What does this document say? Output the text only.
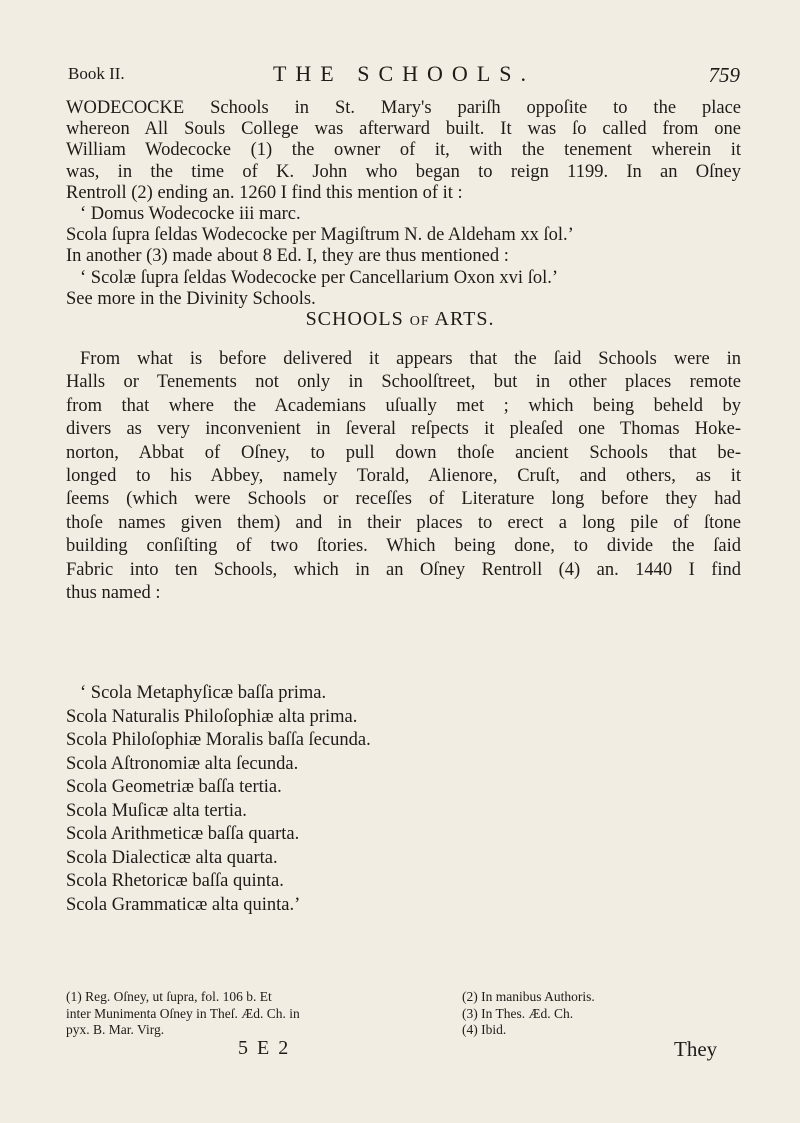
Book II.	THE SCHOOLS.	759
WODECOCKE Schools in St. Mary's pariſh oppoſite to the place
whereon All Souls College was afterward built. It was ſo called from one
William Wodecocke (1) the owner of it, with the tenement wherein it
was, in the time of K. John who began to reign 1199. In an Oſney
Rentroll (2) ending an. 1260 I find this mention of it :
‘ Domus Wodecocke iii marc.
Scola ſupra ſeldas Wodecocke per Magiſtrum N. de Aldeham xx ſol.’
In another (3) made about 8 Ed. I, they are thus mentioned :
‘ Scolæ ſupra ſeldas Wodecocke per Cancellarium Oxon xvi ſol.’
See more in the Divinity Schools.
SCHOOLS OF ARTS.
From what is before delivered it appears that the ſaid Schools were in
Halls or Tenements not only in Schoolſtreet, but in other places remote
from that where the Academians uſually met ; which being beheld by
divers as very inconvenient in ſeveral reſpects it pleaſed one Thomas Hoke-
norton, Abbat of Oſney, to pull down thoſe ancient Schools that be-
longed to his Abbey, namely Torald, Alienore, Cruſt, and others, as it
ſeems (which were Schools or receſſes of Literature long before they had
thoſe names given them) and in their places to erect a long pile of ſtone
building conſiſting of two ſtories. Which being done, to divide the ſaid
Fabric into ten Schools, which in an Oſney Rentroll (4) an. 1440 I find
thus named :
‘ Scola Metaphyſicæ baſſa prima.
Scola Naturalis Philoſophiæ alta prima.
Scola Philoſophiæ Moralis baſſa ſecunda.
Scola Aſtronomiæ alta ſecunda.
Scola Geometriæ baſſa tertia.
Scola Muſicæ alta tertia.
Scola Arithmeticæ baſſa quarta.
Scola Dialecticæ alta quarta.
Scola Rhetoricæ baſſa quinta.
Scola Grammaticæ alta quinta.’
(1) Reg. Oſney, ut ſupra, fol. 106 b. Et
inter Munimenta Oſney in Theſ. Æd. Ch. in
pyx. B. Mar. Virg.
(2) In manibus Authoris.
(3) In Thes. Æd. Ch.
(4) Ibid.
5 E 2	They
